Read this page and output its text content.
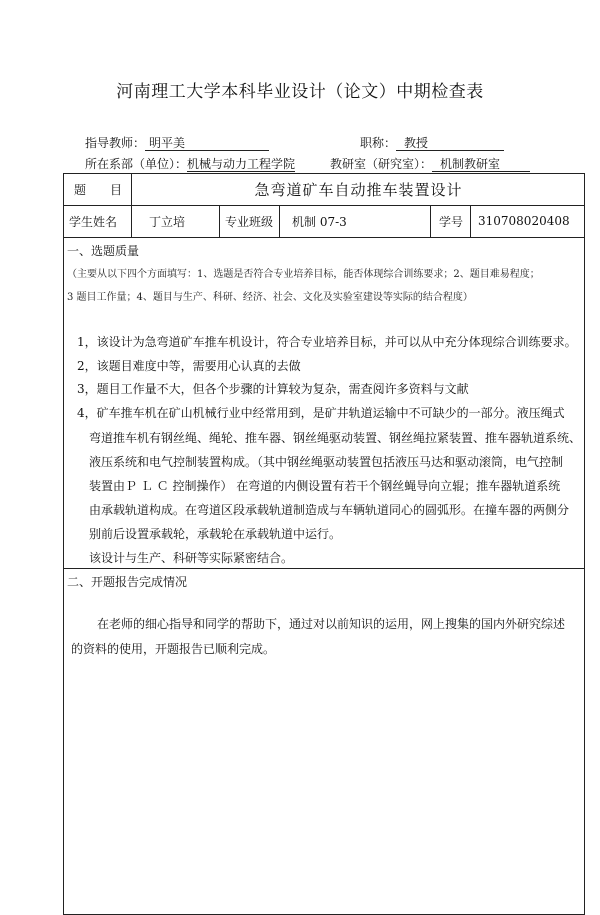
河南理工大学本科毕业设计（论文）中期检查表
指导教师： 明平美	职称： 教授
所在系部（单位）：机械与动力工程学院	教研室（研究室）： 机制教研室
题　　目	急弯道矿车自动推车装置设计
学生姓名	丁立培	专业班级 机制 07-3	学号 310708020408
一、选题质量
（主要从以下四个方面填写：1、选题是否符合专业培养目标，能否体现综合训练要求；2、题目难易程度；
3 题目工作量；4、题目与生产、科研、经济、社会、文化及实验室建设等实际的结合程度）
1，该设计为急弯道矿车推车机设计，符合专业培养目标，并可以从中充分体现综合训练要求。
2，该题目难度中等，需要用心认真的去做
3，题目工作量不大，但各个步骤的计算较为复杂，需查阅许多资料与文献
4，矿车推车机在矿山机械行业中经常用到，是矿井轨道运输中不可缺少的一部分。液压绳式
弯道推车机有钢丝绳、绳轮、推车器、钢丝绳驱动装置、钢丝绳拉紧装置、推车器轨道系统、
液压系统和电气控制装置构成。（其中钢丝绳驱动装置包括液压马达和驱动滚筒，电气控制
装置由Ｐ Ｌ Ｃ 控制操作） 在弯道的内侧设置有若干个钢丝蝇导向立辊；推车器轨道系统
由承载轨道构成。在弯道区段承载轨道制造成与车辆轨道同心的圆弧形。在撞车器的两侧分
别前后设置承载轮，承载轮在承载轨道中运行。
该设计与生产、科研等实际紧密结合。
二、开题报告完成情况
在老师的细心指导和同学的帮助下，通过对以前知识的运用，网上搜集的国内外研究综述
的资料的使用，开题报告已顺利完成。
